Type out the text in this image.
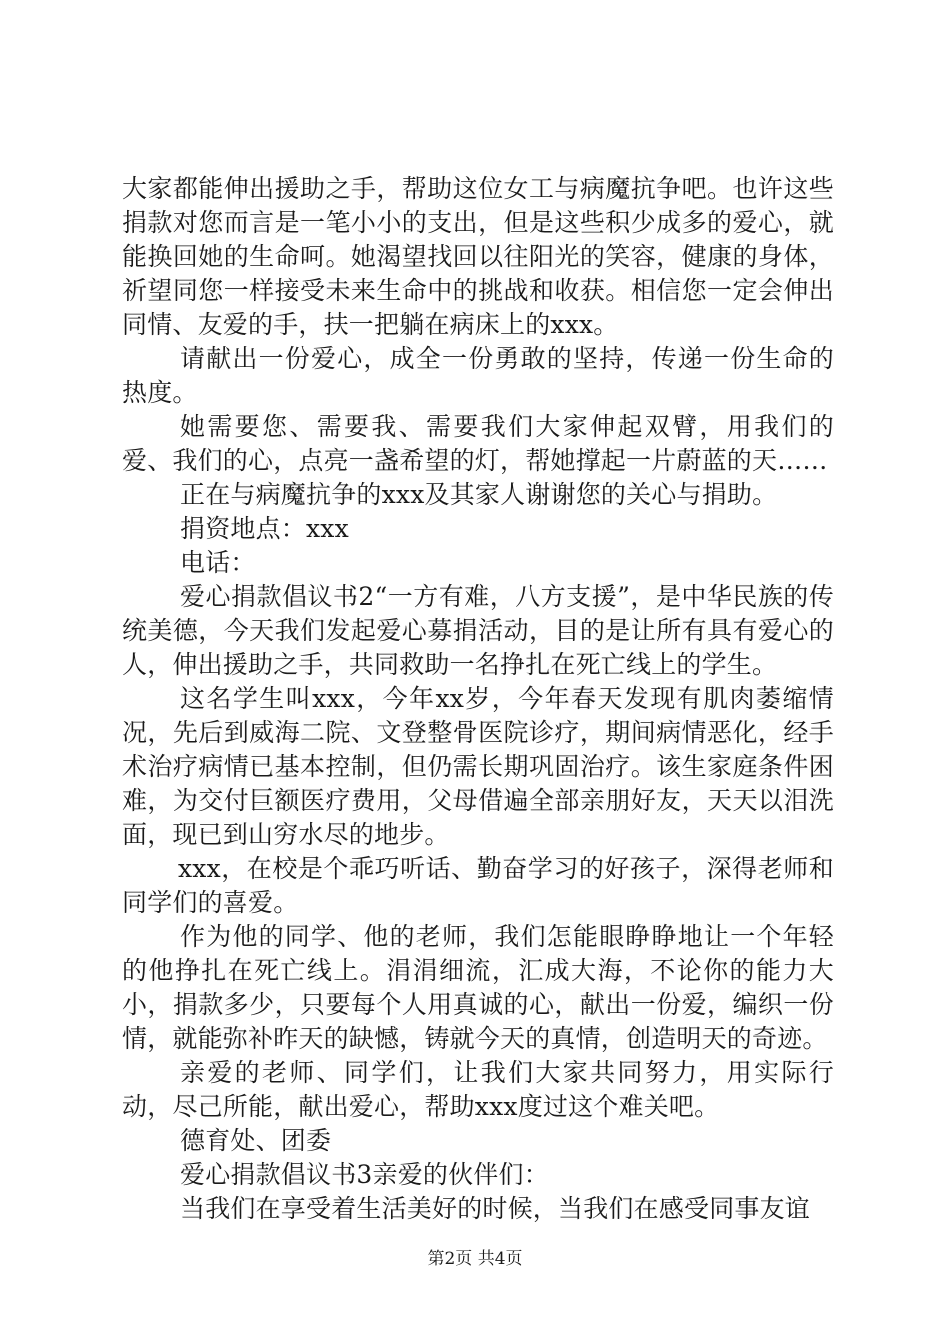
大家都能伸出援助之手，帮助这位女工与病魔抗争吧。也许这些捐款对您而言是一笔小小的支出，但是这些积少成多的爱心，就能换回她的生命呵。她渴望找回以往阳光的笑容，健康的身体，祈望同您一样接受未来生命中的挑战和收获。相信您一定会伸出同情、友爱的手，扶一把躺在病床上的xxx。

请献出一份爱心，成全一份勇敢的坚持，传递一份生命的热度。

她需要您、需要我、需要我们大家伸起双臂，用我们的爱、我们的心，点亮一盏希望的灯，帮她撑起一片蔚蓝的天……

正在与病魔抗争的xxx及其家人谢谢您的关心与捐助。

捐资地点：xxx

电话：

爱心捐款倡议书2“一方有难，八方支援”，是中华民族的传统美德，今天我们发起爱心募捐活动，目的是让所有具有爱心的人，伸出援助之手，共同救助一名挣扎在死亡线上的学生。

这名学生叫xxx，今年xx岁，今年春天发现有肌肉萎缩情况，先后到威海二院、文登整骨医院诊疗，期间病情恶化，经手术治疗病情已基本控制，但仍需长期巩固治疗。该生家庭条件困难，为交付巨额医疗费用，父母借遍全部亲朋好友，天天以泪洗面，现已到山穷水尽的地步。

xxx，在校是个乖巧听话、勤奋学习的好孩子，深得老师和同学们的喜爱。

作为他的同学、他的老师，我们怎能眼睁睁地让一个年轻的他挣扎在死亡线上。涓涓细流，汇成大海，不论你的能力大小，捐款多少，只要每个人用真诚的心，献出一份爱，编织一份情，就能弥补昨天的缺憾，铸就今天的真情，创造明天的奇迹。

亲爱的老师、同学们，让我们大家共同努力，用实际行动，尽己所能，献出爱心，帮助xxx度过这个难关吧。

德育处、团委

爱心捐款倡议书3亲爱的伙伴们：

当我们在享受着生活美好的时候，当我们在感受同事友谊

第2页 共4页
